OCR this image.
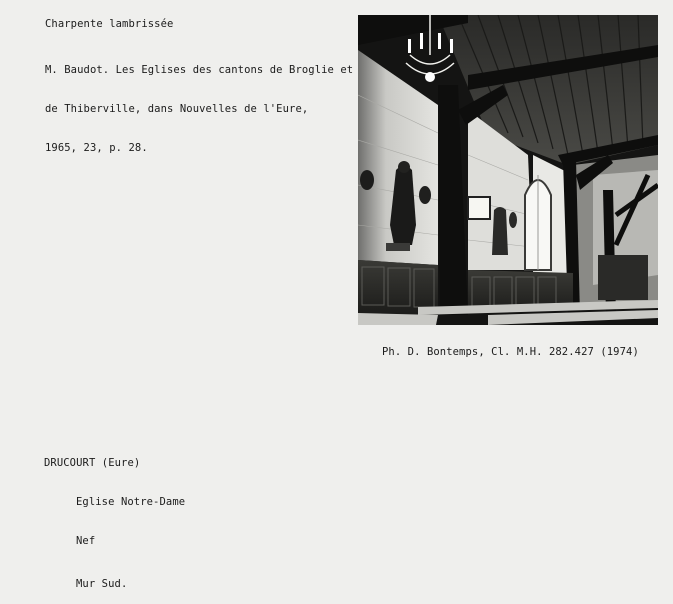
Charpente lambrissée

M. Baudot. Les Eglises des cantons de Broglie et

de Thiberville, dans Nouvelles de l'Eure,

1965, 23, p. 28.

Ph. D. Bontemps, Cl. M.H. 282.427 (1974)

DRUCOURT (Eure)

Eglise Notre-Dame

Nef

Mur Sud.
